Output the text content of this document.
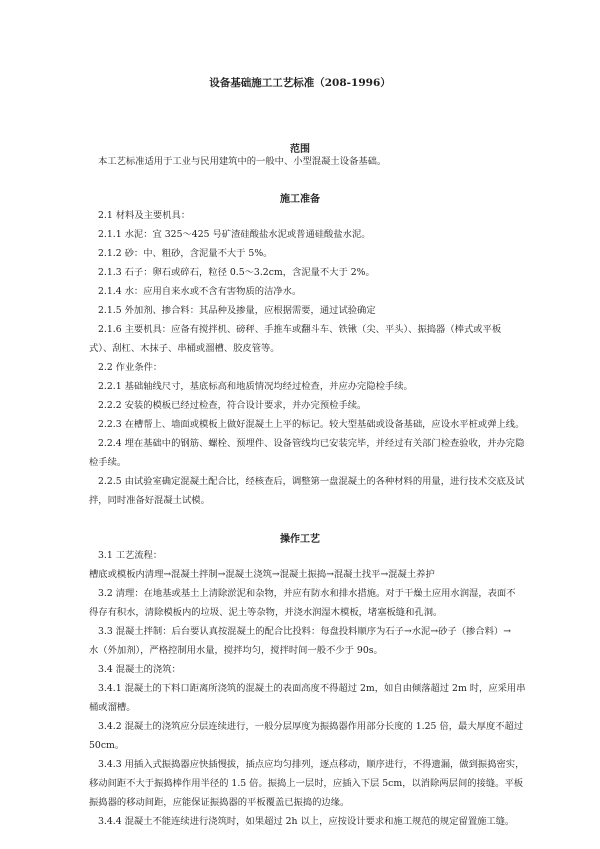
设备基础施工工艺标准（208-1996）
范围
本工艺标准适用于工业与民用建筑中的一般中、小型混凝土设备基础。
施工准备
2.1 材料及主要机具：
2.1.1 水泥：宜 325～425 号矿渣硅酸盐水泥或普通硅酸盐水泥。
2.1.2 砂：中、粗砂，含泥量不大于 5%。
2.1.3 石子：卵石或碎石，粒径 0.5～3.2cm，含泥量不大于 2%。
2.1.4 水：应用自来水或不含有害物质的洁净水。
2.1.5 外加剂、掺合料：其品种及掺量，应根据需要，通过试验确定
2.1.6 主要机具：应备有搅拌机、磅秤、手推车或翻斗车、铁锹（尖、平头）、振捣器（棒式或平板
式）、刮杠、木抹子、串桶或溜槽、胶皮管等。
2.2 作业条件：
2.2.1 基础轴线尺寸，基底标高和地质情况均经过检查，并应办完隐检手续。
2.2.2 安装的模板已经过检查，符合设计要求，并办完预检手续。
2.2.3 在槽帮上、墙面或模板上做好混凝土上平的标记。较大型基础或设备基础，应设水平桩或弹上线。
2.2.4 埋在基础中的钢筋、螺栓、预埋件、设备管线均已安装完毕，并经过有关部门检查验收，并办完隐
检手续。
2.2.5 由试验室确定混凝土配合比，经核查后，调整第一盘混凝土的各种材料的用量，进行技术交底及试
拌，同时准备好混凝土试模。
操作工艺
3.1 工艺流程：
槽底或模板内清理→混凝土拌制→混凝土浇筑→混凝土振捣→混凝土找平→混凝土养护
3.2 清理：在地基或基土上清除淤泥和杂物，并应有防水和排水措施。对于干燥土应用水润湿，表面不
得存有积水，清除模板内的垃圾、泥土等杂物，并浇水润湿木模板，堵塞板缝和孔洞。
3.3 混凝土拌制：后台要认真按混凝土的配合比投料：每盘投料顺序为石子→水泥→砂子（掺合料）→
水（外加剂），严格控制用水量，搅拌均匀，搅拌时间一般不少于 90s。
3.4 混凝土的浇筑：
3.4.1 混凝土的下料口距离所浇筑的混凝土的表面高度不得超过 2m，如自由倾落超过 2m 时，应采用串
桶或溜槽。
3.4.2 混凝土的浇筑应分层连续进行，一般分层厚度为振捣器作用部分长度的 1.25 倍，最大厚度不超过
50cm。
3.4.3 用插入式振捣器应快插慢拔，插点应均匀排列，逐点移动，顺序进行，不得遗漏，做到振捣密实，
移动间距不大于振捣棒作用半径的 1.5 倍。振捣上一层时，应插入下层 5cm，以消除两层间的接缝。平板
振捣器的移动间距，应能保证振捣器的平板覆盖已振捣的边缘。
3.4.4 混凝土不能连续进行浇筑时，如果超过 2h 以上，应按设计要求和施工规范的规定留置施工缝。
